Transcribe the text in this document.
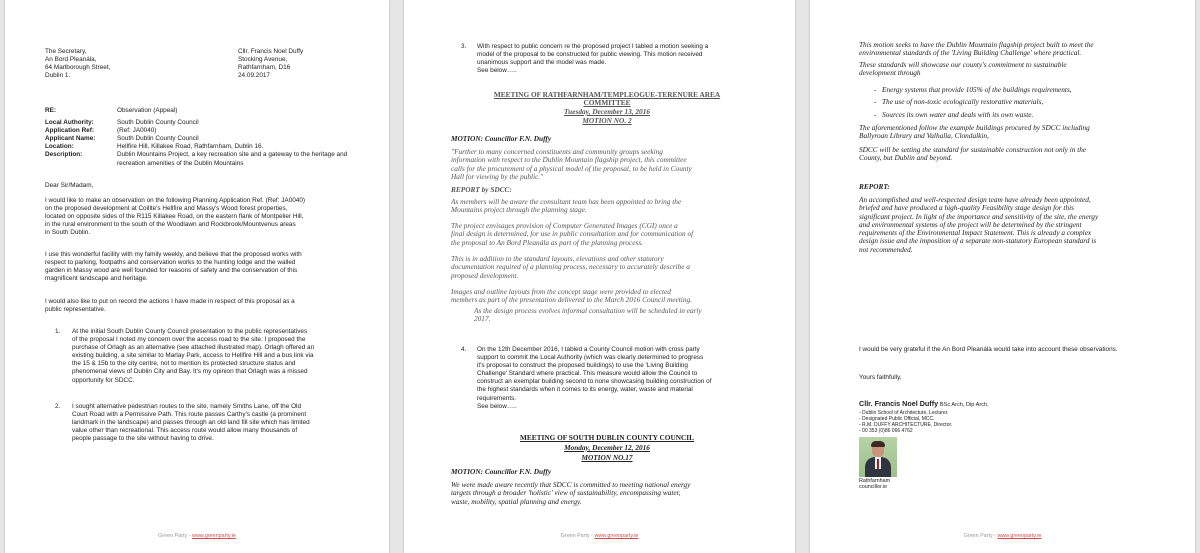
The Secretary,
An Bord Pleanála,
64 Marlborough Street,
Dublin 1.
Cllr. Francis Noel Duffy
Stocking Avenue,
Rathfarnham, D16
24.09.2017
RE:	Observation (Appeal)
Local Authority:	South Dublin County Council
Application Ref:	(Ref: JA0040)
Applicant Name:	South Dublin County Council
Location:	Hellfire Hill, Killakee Road, Rathfarnham, Dublin 16.
Description:	Dublin Mountains Project, a key recreation site and a gateway to the heritage and recreation amenities of the Dublin Mountains
Dear Sir/Madam,
I would like to make an observation on the following Planning Application Ref. (Ref: JA0040)
on the proposed development at Coillte's Hellfire and Massy's Wood forest properties,
located on opposite sides of the R115 Killakee Road, on the eastern flank of Montpelier Hill,
in the rural environment to the south of the Woodlawn and Rockbrook/Mountvenus areas
in South Dublin.
I use this wonderful facility with my family weekly, and believe that the proposed works with
respect to parking, footpaths and conservation works to the hunting lodge and the walled
garden in Massy wood are well founded for reasons of safety and the conservation of this
magnificent landscape and heritage.
I would also like to put on record the actions I have made in respect of this proposal as a
public representative.
1. At the initial South Dublin County Council presentation to the public representatives
of the proposal I noted my concern over the access road to the site. I proposed the
purchase of Orlagh as an alternative (see attached illustrated map). Orlagh offered an
existing building, a site similar to Marlay Park, access to Hellfire Hill and a bus link via
the 15 & 15b to the city centre, not to mention its protected structure status and
phenomenal views of Dublin City and Bay. It's my opinion that Orlagh was a missed
opportunity for SDCC.
2. I sought alternative pedestrian routes to the site, namely Smiths Lane, off the Old
Court Road with a Permissive Path. This route passes Carthy's castle (a prominent
landmark in the landscape) and passes through an old land fill site which has limited
value other than recreational. This access route would allow many thousands of
people passage to the site without having to drive.
Green Party - www.greenparty.ie
3. With respect to public concern re the proposed project I tabled a motion seeking a
model of the proposal to be constructed for public viewing. This motion received
unanimous support and the model was made.
See below…..
MEETING OF RATHFARNHAM/TEMPLEOGUE-TERENURE AREA
COMMITTEE
Tuesday, December 13, 2016
MOTION NO. 2
MOTION: Councillor F.N. Duffy
"Further to many concerned constituents and community groups seeking
information with respect to the Dublin Mountain flagship project, this committee
calls for the procurement of a physical model of the proposal, to be held in County
Hall for viewing by the public."
REPORT by SDCC:
As members will be aware the consultant team has been appointed to bring the
Mountains project through the planning stage.
The project envisages provision of Computer Generated Images (CGI) once a
final design is determined, for use in public consultation and for communication of
the proposal to An Bord Pleanála as part of the planning process.
This is in addition to the standard layouts, elevations and other statutory
documentation required of a planning process, necessary to accurately describe a
proposed development.
Images and outline layouts from the concept stage were provided to elected
members as part of the presentation delivered to the March 2016 Council meeting.
As the design process evolves informal consultation will be scheduled in early
2017.
4. On the 12th December 2016, I tabled a County Council motion with cross party
support to commit the Local Authority (which was clearly determined to progress
it's proposal to construct the proposed buildings) to use the 'Living Building
Challenge' Standard where practical. This measure would allow the Council to
construct an exemplar building second to none showcasing building construction of
the highest standards when it comes to its energy, water, waste and material
requirements.
See below…..
MEETING OF SOUTH DUBLIN COUNTY COUNCIL
Monday, December 12, 2016
MOTION NO.17
MOTION: Councillor F.N. Duffy
We were made aware recently that SDCC is committed to meeting national energy
targets through a broader 'holistic' view of sustainability, encompassing water,
waste, mobility, spatial planning and energy.
Green Party - www.greenparty.ie
This motion seeks to have the Dublin Mountain flagship project built to meet the
environmental standards of the 'Living Building Challenge' where practical.
These standards will showcase our county's commitment to sustainable
development through
- Energy systems that provide 105% of the buildings requirements,
- The use of non-toxic ecologically restorative materials,
- Sources its own water and deals with its own waste.
The aforementioned follow the example buildings procured by SDCC including
Ballyroan Library and Valhalla, Clondalkin,
SDCC will be setting the standard for sustainable construction not only in the
County, but Dublin and beyond.
REPORT:
An accomplished and well-respected design team have already been appointed,
briefed and have produced a high-quality Feasibility stage design for this
significant project. In light of the importance and sensitivity of the site, the energy
and environmental systems of the project will be determined by the stringent
requirements of the Environmental Impact Statement. This is already a complex
design issue and the imposition of a separate non-statutory European standard is
not recommended.
I would be very grateful if the An Bord Pleanála would take into account these observations.
Yours faithfully,
Cllr. Francis Noel Duffy BSc Arch, Dip Arch.
- Dublin School of Architecture, Lecturer.
- Designated Public Official, MCC.
- R.M. DUFFY ARCHITECTURE, Director.
- 00 353 (0)86 066 4762
Rathfarnham
councillor.ie
Green Party - www.greenparty.ie
